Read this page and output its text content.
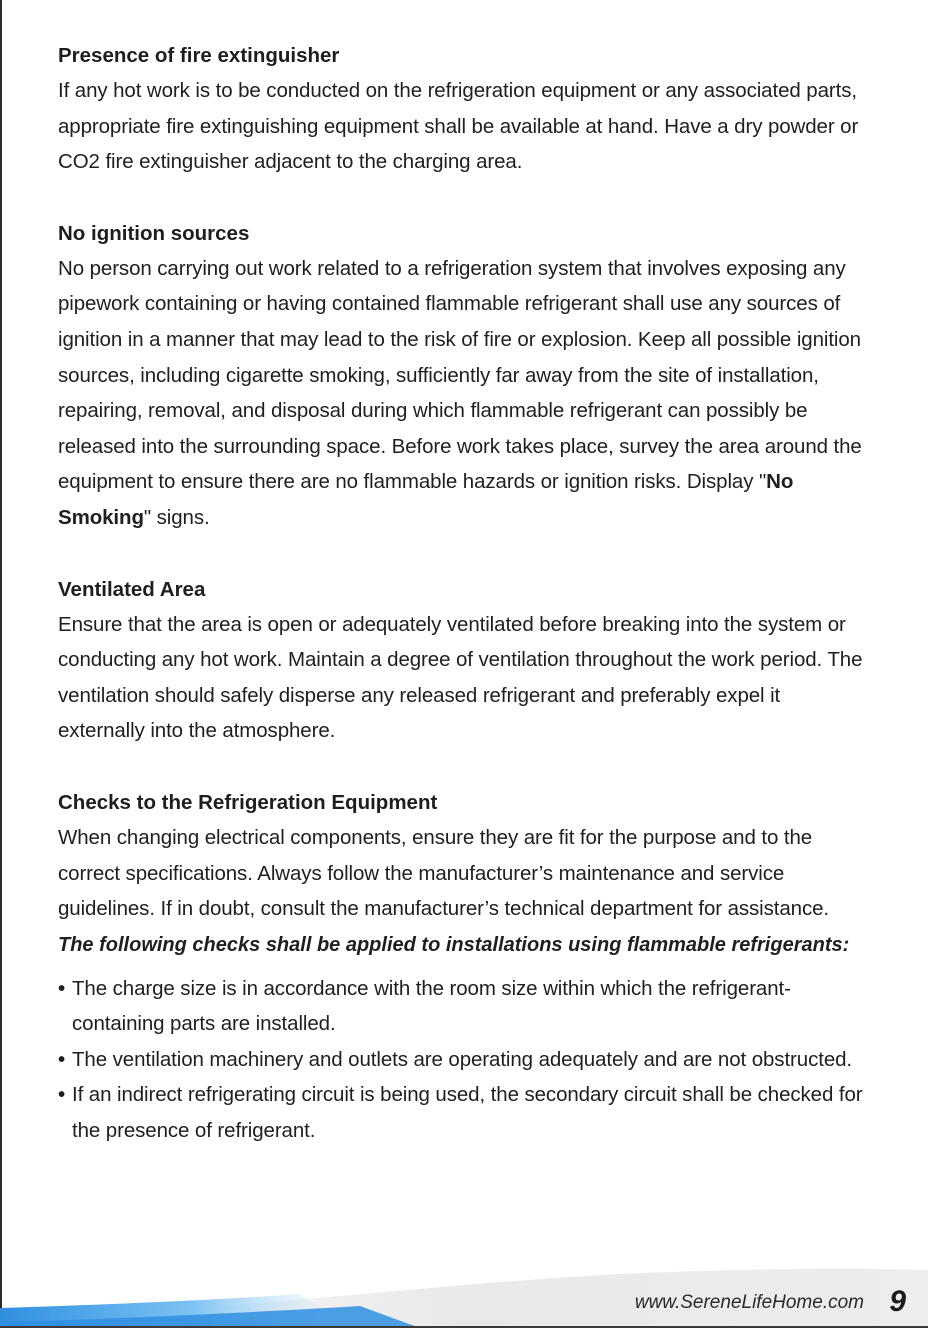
Presence of fire extinguisher

If any hot work is to be conducted on the refrigeration equipment or any associated parts, appropriate fire extinguishing equipment shall be available at hand. Have a dry powder or CO2 fire extinguisher adjacent to the charging area.

No ignition sources

No person carrying out work related to a refrigeration system that involves exposing any pipework containing or having contained flammable refrigerant shall use any sources of ignition in a manner that may lead to the risk of fire or explosion. Keep all possible ignition sources, including cigarette smoking, sufficiently far away from the site of installation, repairing, removal, and disposal during which flammable refrigerant can possibly be released into the surrounding space. Before work takes place, survey the area around the equipment to ensure there are no flammable hazards or ignition risks. Display "No Smoking" signs.

Ventilated Area

Ensure that the area is open or adequately ventilated before breaking into the system or conducting any hot work. Maintain a degree of ventilation throughout the work period. The ventilation should safely disperse any released refrigerant and preferably expel it externally into the atmosphere.

Checks to the Refrigeration Equipment

When changing electrical components, ensure they are fit for the purpose and to the correct specifications. Always follow the manufacturer’s maintenance and service guidelines. If in doubt, consult the manufacturer’s technical department for assistance.

The following checks shall be applied to installations using flammable refrigerants:

• The charge size is in accordance with the room size within which the refrigerant-containing parts are installed.
• The ventilation machinery and outlets are operating adequately and are not obstructed.
• If an indirect refrigerating circuit is being used, the secondary circuit shall be checked for the presence of refrigerant.
www.SereneLifeHome.com 9
